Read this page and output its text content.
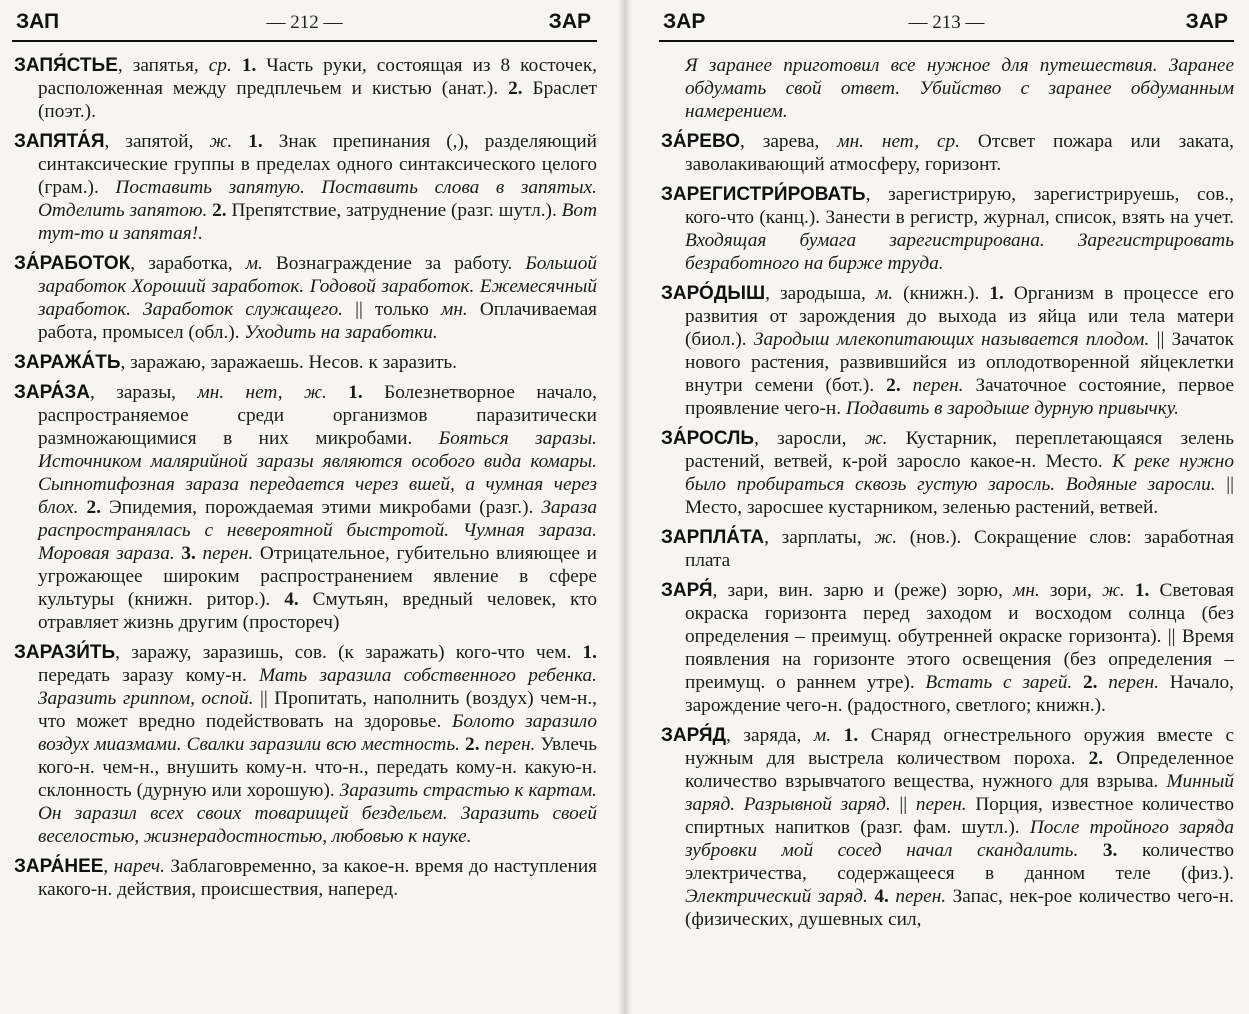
ЗАП	— 212 —	ЗАР

ЗАПЯ́СТЬЕ, запятья, ср. 1. Часть руки, состоящая из 8 косточек, расположенная между предплечьем и кистью (анат.). 2. Браслет (поэт.).

ЗАПЯТА́Я, запятой, ж. 1. Знак препинания (,), разделяющий синтаксические группы в пределах одного синтаксического целого (грам.). Поставить запятую. Поставить слова в запятых. Отделить запятою. 2. Препятствие, затруднение (разг. шутл.). Вот тут-то и запятая!.

ЗА́РАБОТОК, заработка, м. Вознаграждение за работу. Большой заработок Хороший заработок. Годовой заработок. Ежемесячный заработок. Заработок служащего. || только мн. Оплачиваемая работа, промысел (обл.). Уходить на заработки.

ЗАРАЖА́ТЬ, заражаю, заражаешь. Несов. к заразить.

ЗАРА́ЗА, заразы, мн. нет, ж. 1. Болезнетворное начало, распространяемое среди организмов паразитически размножающимися в них микробами. Бояться заразы. Источником малярийной заразы являются особого вида комары. Сыпнотифозная зараза передается через вшей, а чумная через блох. 2. Эпидемия, порождаемая этими микробами (разг.). Зараза распространялась с невероятной быстротой. Чумная зараза. Моровая зараза. 3. перен. Отрицательное, губительно влияющее и угрожающее широким распространением явление в сфере культуры (книжн. ритор.). 4. Смутьян, вредный человек, кто отравляет жизнь другим (простореч)

ЗАРАЗИ́ТЬ, заражу, заразишь, сов. (к заражать) кого-что чем. 1. передать заразу кому-н. Мать заразила собственного ребенка. Заразить гриппом, оспой. || Пропитать, наполнить (воздух) чем-н., что может вредно подействовать на здоровье. Болото заразило воздух миазмами. Свалки заразили всю местность. 2. перен. Увлечь кого-н. чем-н., внушить кому-н. что-н., передать кому-н. какую-н. склонность (дурную или хорошую). Заразить страстью к картам. Он заразил всех своих товарищей бездельем. Заразить своей веселостью, жизнерадостностью, любовью к науке.

ЗАРА́НЕЕ, нареч. Заблаговременно, за какое-н. время до наступления какого-н. действия, происшествия, наперед.

ЗАР	— 213 —	ЗАР

Я заранее приготовил все нужное для путешествия. Заранее обдумать свой ответ. Убийство с заранее обдуманным намерением.

ЗА́РЕВО, зарева, мн. нет, ср. Отсвет пожара или заката, заволакивающий атмосферу, горизонт.

ЗАРЕГИСТРИ́РОВАТЬ, зарегистрирую, зарегистрируешь, сов., кого-что (канц.). Занести в регистр, журнал, список, взять на учет. Входящая бумага зарегистрирована. Зарегистрировать безработного на бирже труда.

ЗАРО́ДЫШ, зародыша, м. (книжн.). 1. Организм в процессе его развития от зарождения до выхода из яйца или тела матери (биол.). Зародыш млекопитающих называется плодом. || Зачаток нового растения, развившийся из оплодотворенной яйцеклетки внутри семени (бот.). 2. перен. Зачаточное состояние, первое проявление чего-н. Подавить в зародыше дурную привычку.

ЗА́РОСЛЬ, заросли, ж. Кустарник, переплетающаяся зелень растений, ветвей, к-рой заросло какое-н. Место. К реке нужно было пробираться сквозь густую заросль. Водяные заросли. || Место, заросшее кустарником, зеленью растений, ветвей.

ЗАРПЛА́ТА, зарплаты, ж. (нов.). Сокращение слов: заработная плата

ЗАРЯ́, зари, вин. зарю и (реже) зорю, мн. зори, ж. 1. Световая окраска горизонта перед заходом и восходом солнца (без определения – преимущ. обутренней окраске горизонта). || Время появления на горизонте этого освещения (без определения – преимущ. о раннем утре). Встать с зарей. 2. перен. Начало, зарождение чего-н. (радостного, светлого; книжн.).

ЗАРЯ́Д, заряда, м. 1. Снаряд огнестрельного оружия вместе с нужным для выстрела количеством пороха. 2. Определенное количество взрывчатого вещества, нужного для взрыва. Минный заряд. Разрывной заряд. || перен. Порция, известное количество спиртных напитков (разг. фам. шутл.). После тройного заряда зубровки мой сосед начал скандалить. 3. количество электричества, содержащееся в данном теле (физ.). Электрический заряд. 4. перен. Запас, нек-рое количество чего-н. (физических, душевных сил,
